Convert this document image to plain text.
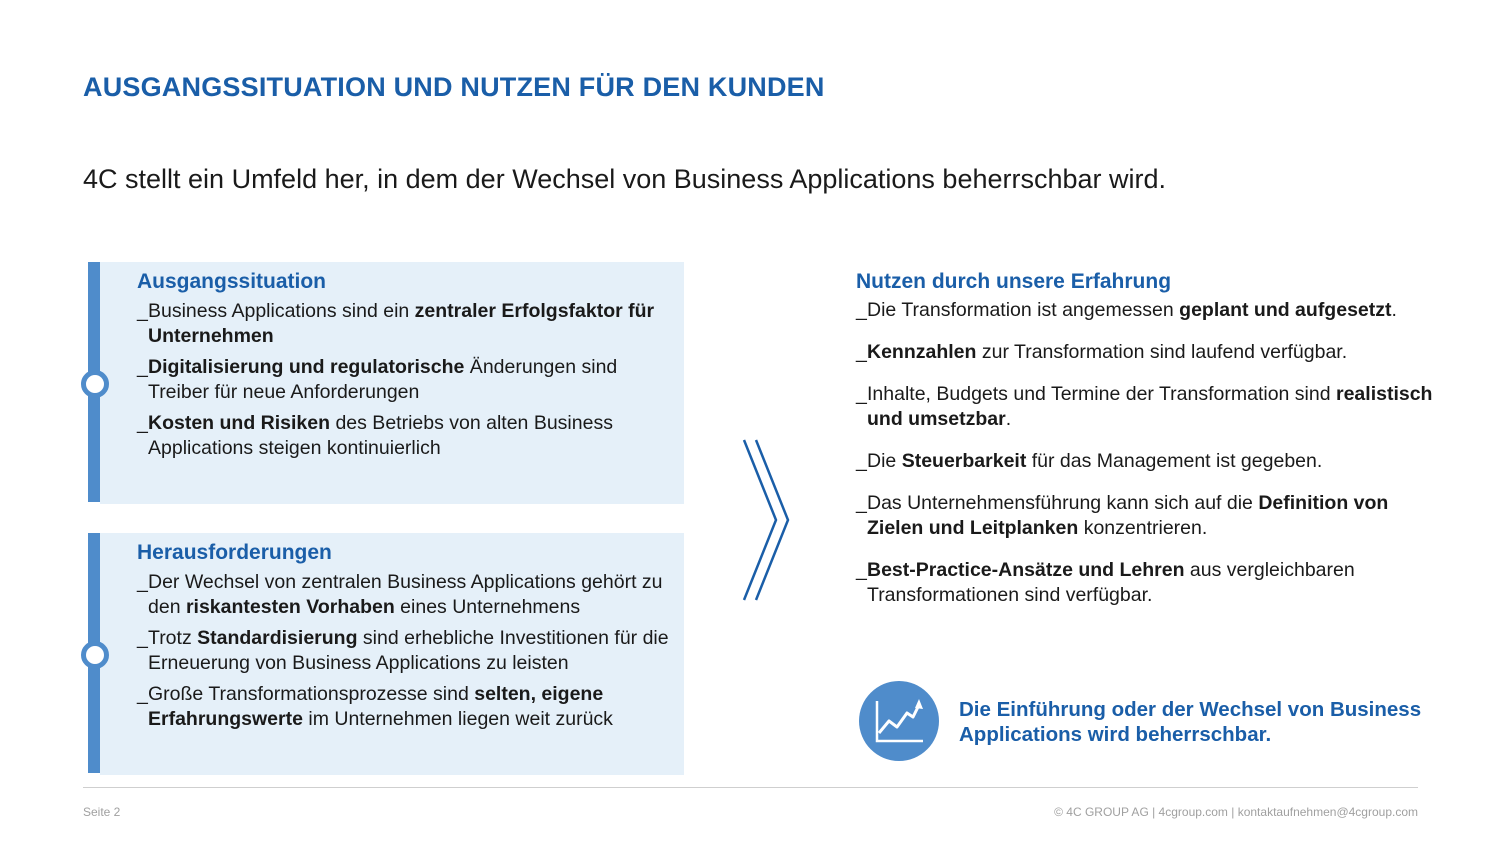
AUSGANGSSITUATION UND NUTZEN FÜR DEN KUNDEN

4C stellt ein Umfeld her, in dem der Wechsel von Business Applications beherrschbar wird.

Ausgangssituation

_ Business Applications sind ein zentraler Erfolgsfaktor für Unternehmen

_ Digitalisierung und regulatorische Änderungen sind Treiber für neue Anforderungen

_ Kosten und Risiken des Betriebs von alten Business Applications steigen kontinuierlich

Herausforderungen

_ Der Wechsel von zentralen Business Applications gehört zu den riskantesten Vorhaben eines Unternehmens

_ Trotz Standardisierung sind erhebliche Investitionen für die Erneuerung von Business Applications zu leisten

_ Große Transformationsprozesse sind selten, eigene Erfahrungswerte im Unternehmen liegen weit zurück

Nutzen durch unsere Erfahrung

_ Die Transformation ist angemessen geplant und aufgesetzt.

_ Kennzahlen zur Transformation sind laufend verfügbar.

_ Inhalte, Budgets und Termine der Transformation sind realistisch und umsetzbar.

_ Die Steuerbarkeit für das Management ist gegeben.

_ Das Unternehmensführung kann sich auf die Definition von Zielen und Leitplanken konzentrieren.

_ Best-Practice-Ansätze und Lehren aus vergleichbaren Transformationen sind verfügbar.

Die Einführung oder der Wechsel von Business Applications wird beherrschbar.
Seite 2	© 4C GROUP AG | 4cgroup.com | kontaktaufnehmen@4cgroup.com
